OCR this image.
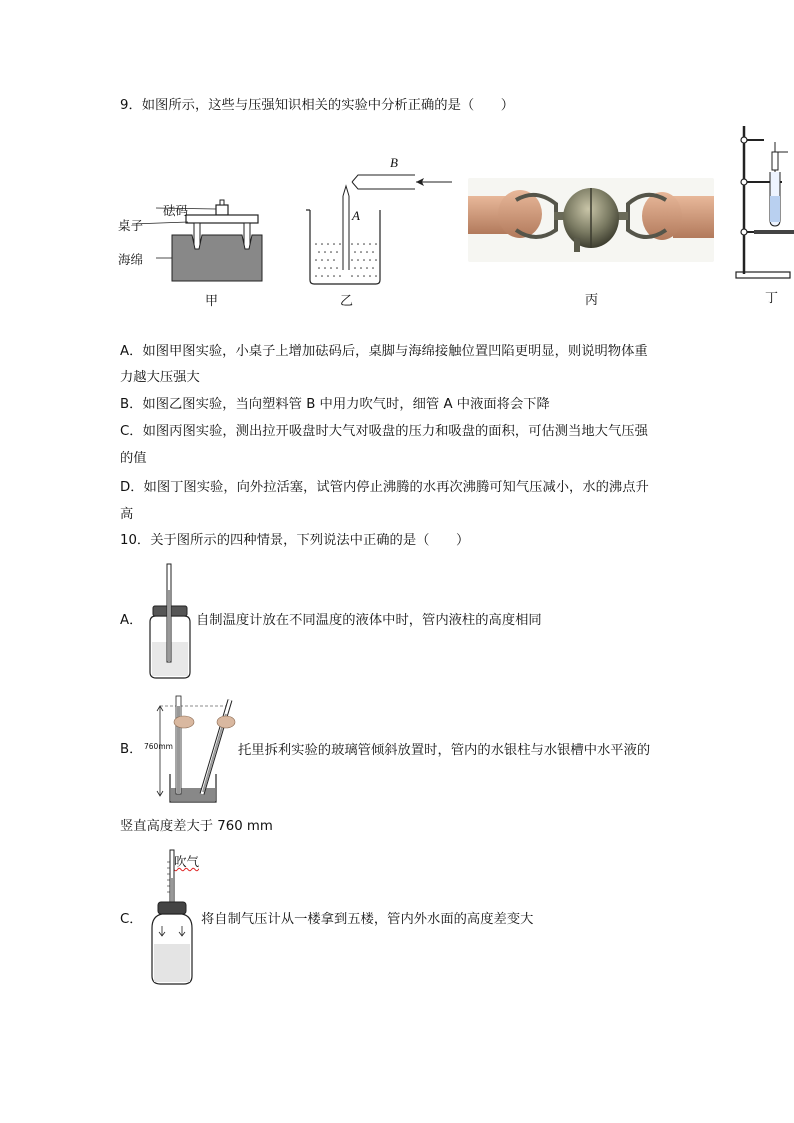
9．如图所示，这些与压强知识相关的实验中分析正确的是（　　）
砝码
桌子
海绵
甲
B
A
乙	丙	丁
A．如图甲图实验，小桌子上增加砝码后，桌脚与海绵接触位置凹陷更明显，则说明物体重
力越大压强大
B．如图乙图实验，当向塑料管 B 中用力吹气时，细管 A 中液面将会下降
C．如图丙图实验，测出拉开吸盘时大气对吸盘的压力和吸盘的面积，可估测当地大气压强
的值
D．如图丁图实验，向外拉活塞，试管内停止沸腾的水再次沸腾可知气压减小，水的沸点升
高
10．关于图所示的四种情景，下列说法中正确的是（　　）
A．	自制温度计放在不同温度的液体中时，管内液柱的高度相同
B． 760mm	托里拆利实验的玻璃管倾斜放置时，管内的水银柱与水银槽中水平液的
竖直高度差大于 760 mm
C．
吹气
将自制气压计从一楼拿到五楼，管内外水面的高度差变大
